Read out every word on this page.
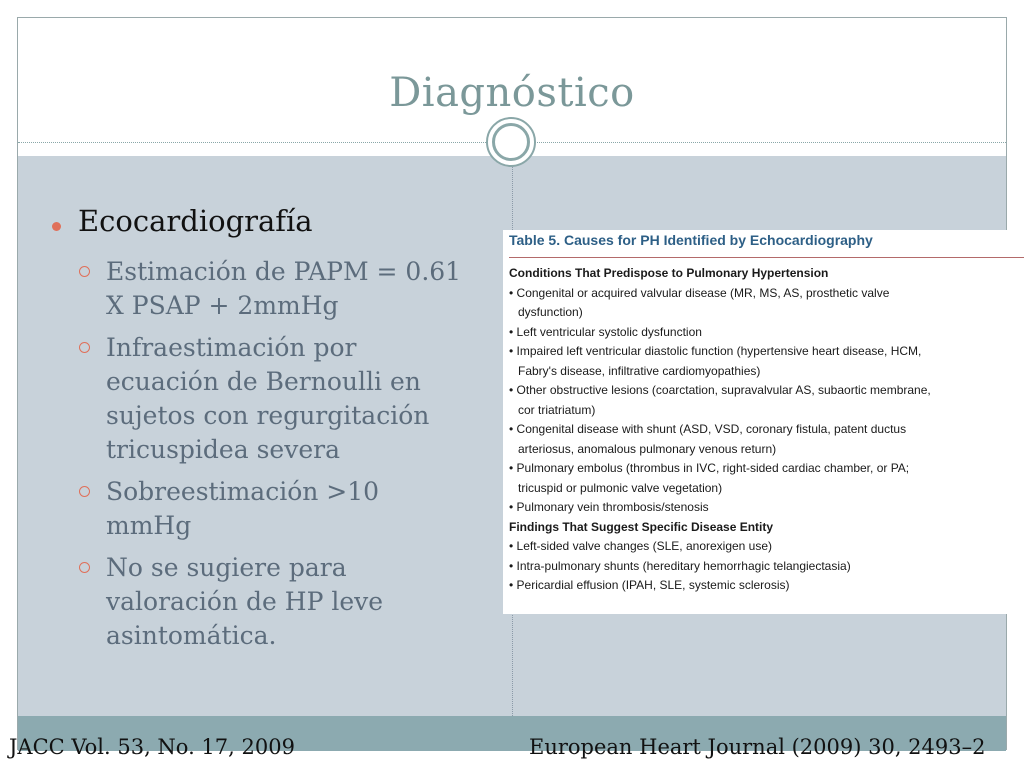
Diagnóstico
Ecocardiografía
Estimación de PAPM = 0.61 X PSAP + 2mmHg
Infraestimación por ecuación de Bernoulli en sujetos con regurgitación tricuspidea severa
Sobreestimación >10 mmHg
No se sugiere para valoración de HP leve asintomática.
Table 5. Causes for PH Identified by Echocardiography
Conditions That Predispose to Pulmonary Hypertension
• Congenital or acquired valvular disease (MR, MS, AS, prosthetic valve
dysfunction)
• Left ventricular systolic dysfunction
• Impaired left ventricular diastolic function (hypertensive heart disease, HCM,
Fabry's disease, infiltrative cardiomyopathies)
• Other obstructive lesions (coarctation, supravalvular AS, subaortic membrane,
cor triatriatum)
• Congenital disease with shunt (ASD, VSD, coronary fistula, patent ductus
arteriosus, anomalous pulmonary venous return)
• Pulmonary embolus (thrombus in IVC, right-sided cardiac chamber, or PA;
tricuspid or pulmonic valve vegetation)
• Pulmonary vein thrombosis/stenosis
Findings That Suggest Specific Disease Entity
• Left-sided valve changes (SLE, anorexigen use)
• Intra-pulmonary shunts (hereditary hemorrhagic telangiectasia)
• Pericardial effusion (IPAH, SLE, systemic sclerosis)
JACC Vol. 53, No. 17, 2009	European Heart Journal (2009) 30, 2493–2
